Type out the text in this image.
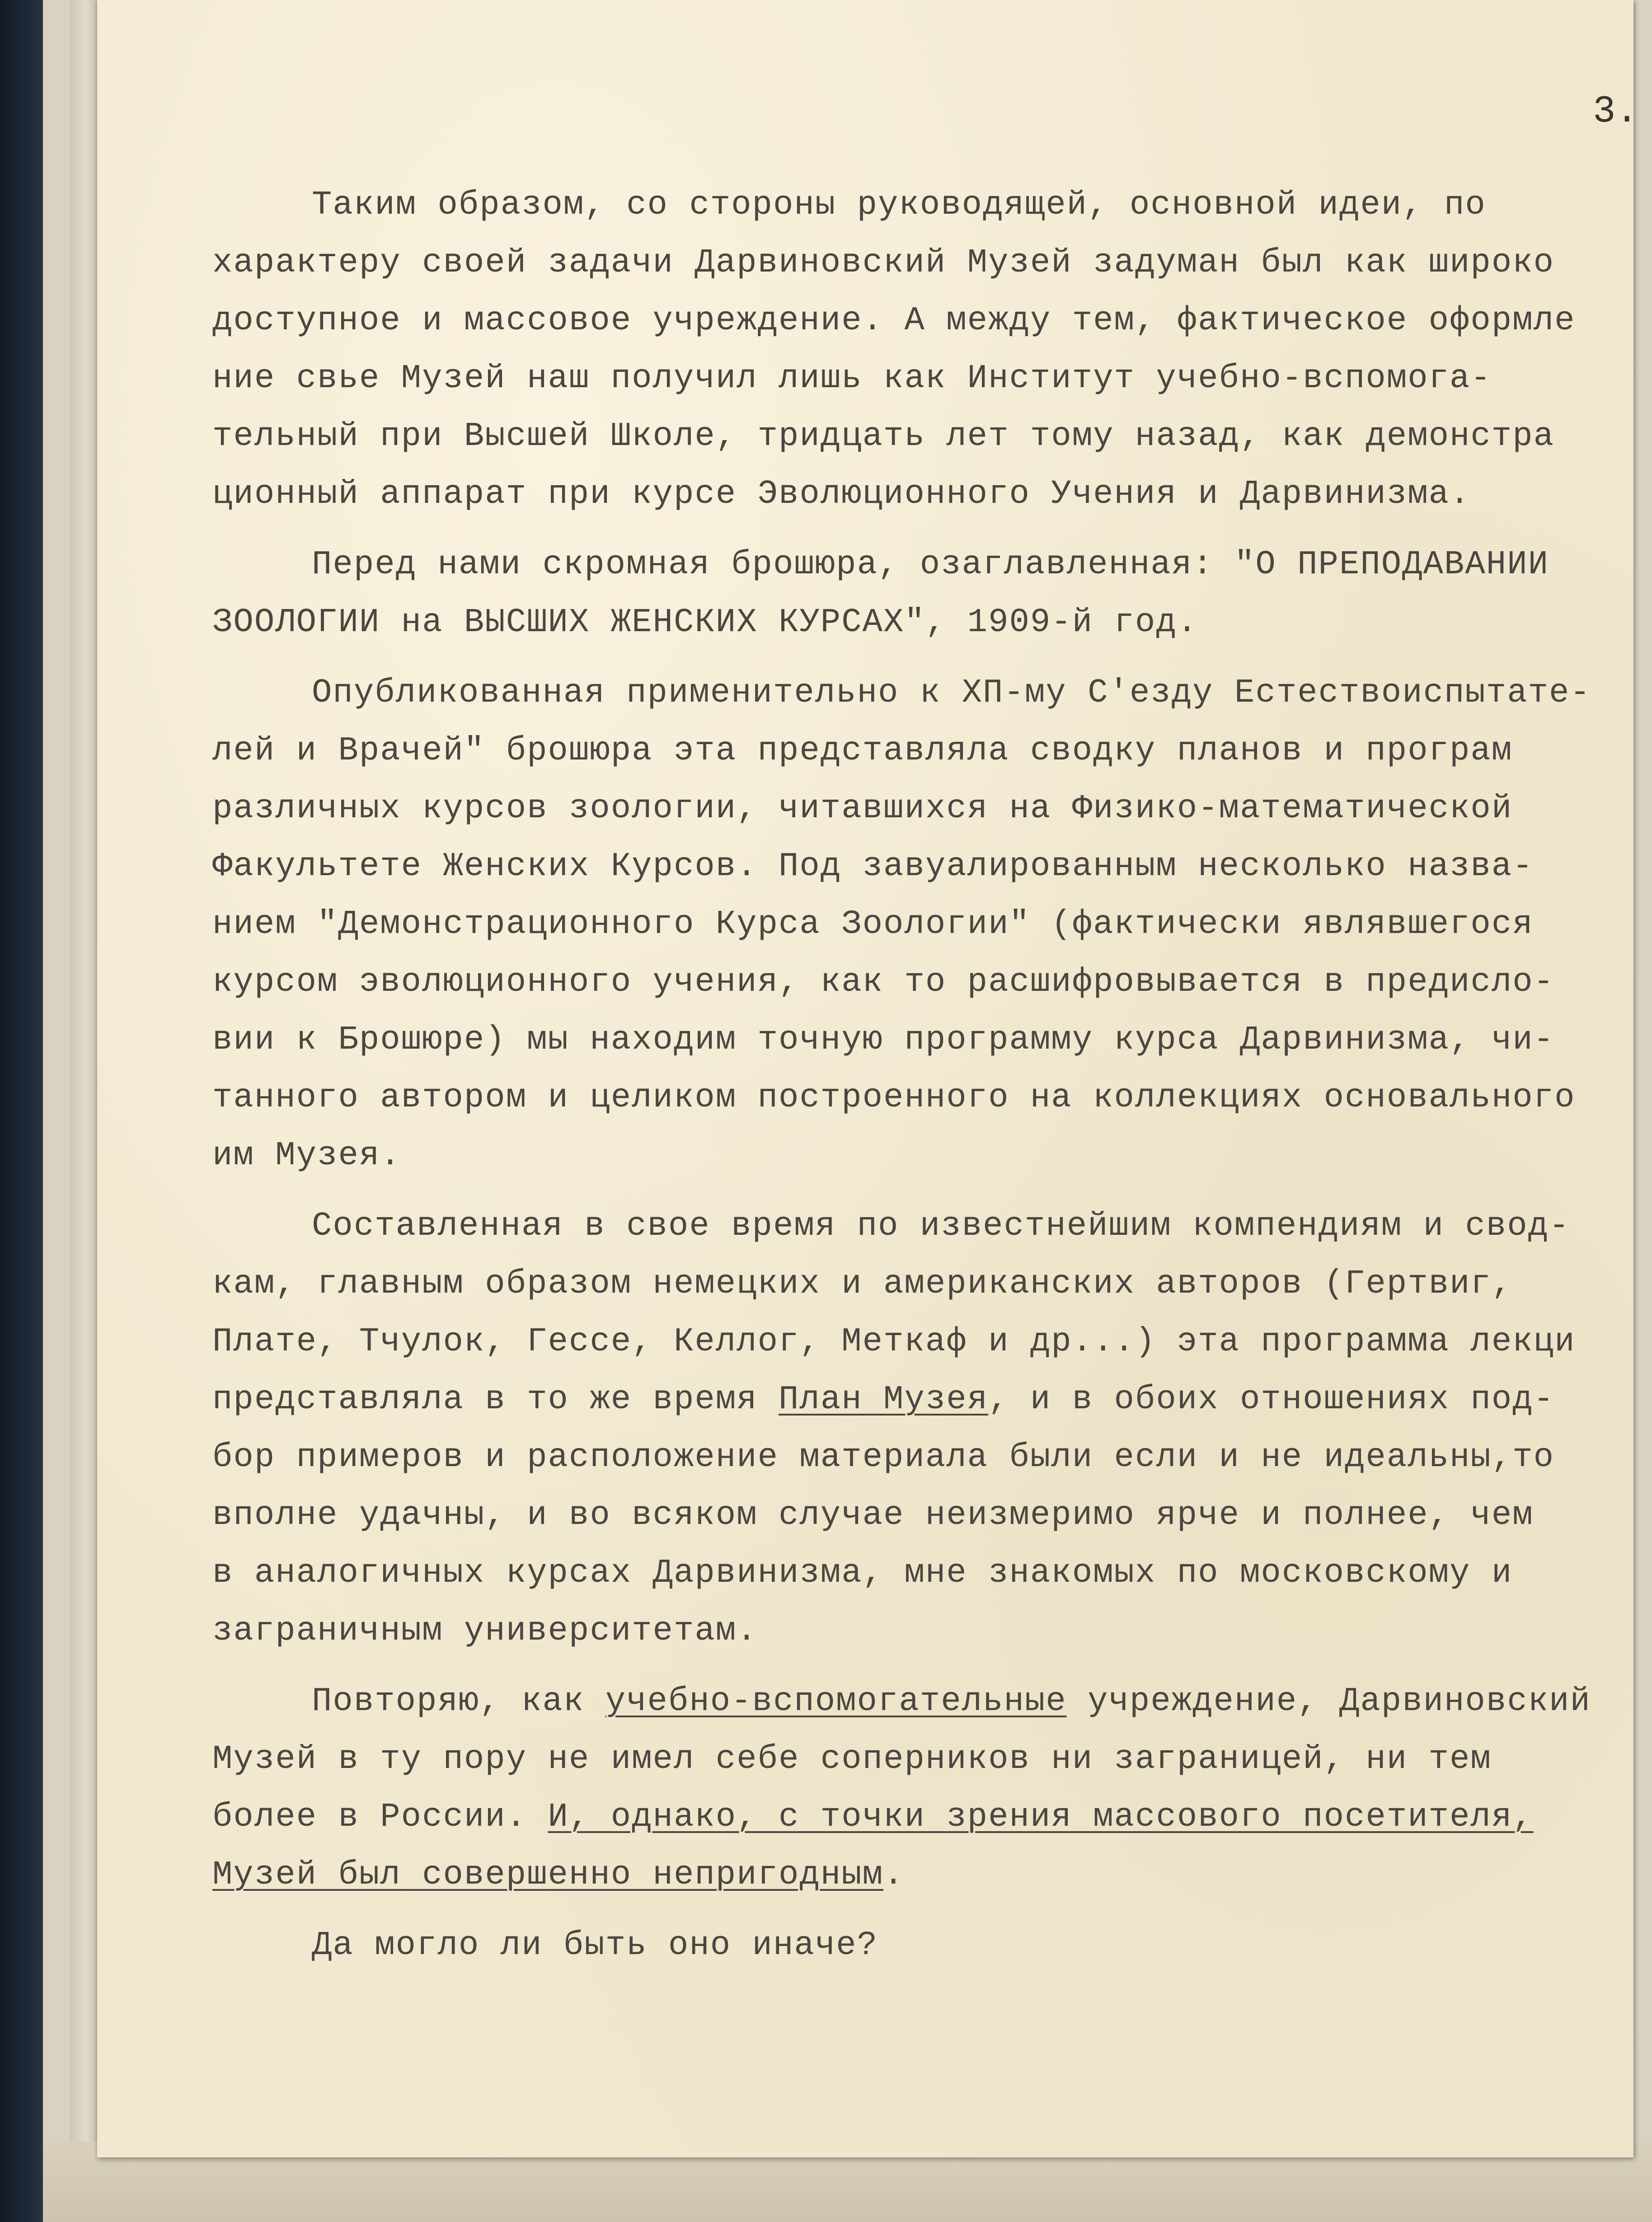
3.
Таким образом, со стороны руководящей, основной идеи, по
характеру своей задачи Дарвиновский Музей задуман был как широко
доступное и массовое учреждение. А между тем, фактическое оформле
ние свье Музей наш получил лишь как Институт учебно-вспомога-
тельный при Высшей Школе, тридцать лет тому назад, как демонстра
ционный аппарат при курсе Эволюционного Учения и Дарвинизма.
Перед нами скромная брошюра, озаглавленная: "О ПРЕПОДАВАНИИ
ЗООЛОГИИ на ВЫСШИХ ЖЕНСКИХ КУРСАХ", 1909-й год.
Опубликованная применительно к ХП-му С'езду Естествоиспытате-
лей и Врачей" брошюра эта представляла сводку планов и програм
различных курсов зоологии, читавшихся на Физико-математической
Факультете Женских Курсов. Под завуалированным несколько назва-
нием "Демонстрационного Курса Зоологии" (фактически являвшегося
курсом эволюционного учения, как то расшифровывается в предисло-
вии к Брошюре) мы находим точную программу курса Дарвинизма, чи-
танного автором и целиком построенного на коллекциях основального
им Музея.
Составленная в свое время по известнейшим компендиям и свод-
кам, главным образом немецких и американских авторов (Гертвиг,
Плате, Тчулок, Гессе, Келлог, Меткаф и др...) эта программа лекци
представляла в то же время План Музея, и в обоих отношениях под-
бор примеров и расположение материала были если и не идеальны,то
вполне удачны, и во всяком случае неизмеримо ярче и полнее, чем
в аналогичных курсах Дарвинизма, мне знакомых по московскому и
заграничным университетам.
Повторяю, как учебно-вспомогательные учреждение, Дарвиновский
Музей в ту пору не имел себе соперников ни заграницей, ни тем
более в России. И, однако, с точки зрения массового посетителя,
Музей был совершенно непригодным.
Да могло ли быть оно иначе?
